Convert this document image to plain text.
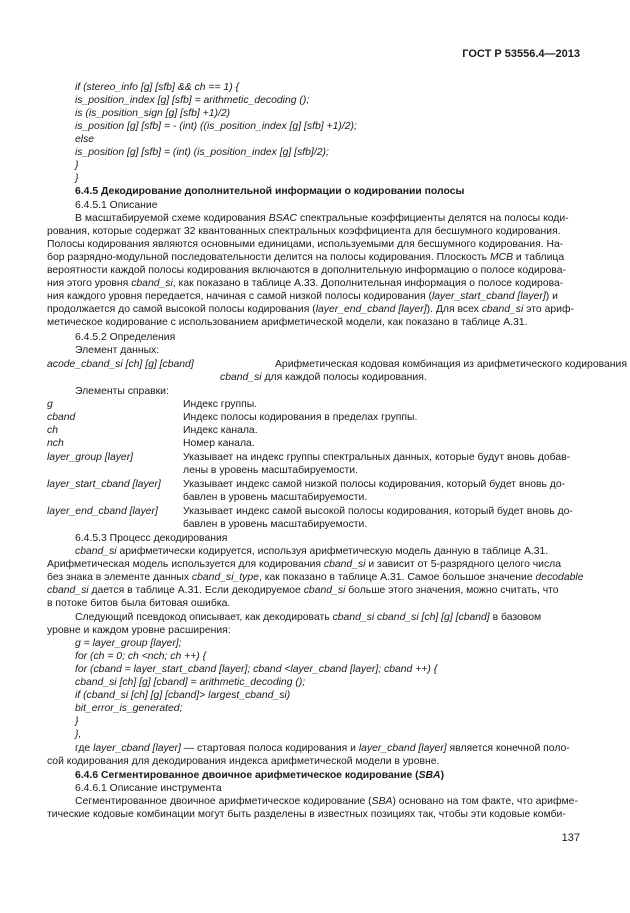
ГОСТ Р 53556.4—2013
if (stereo_info [g] [sfb] && ch == 1) {
is_position_index [g] [sfb] = arithmetic_decoding ();
is (is_position_sign [g] [sfb] +1)/2)
is_position [g] [sfb] = - (int) ((is_position_index [g] [sfb] +1)/2);
else
is_position [g] [sfb] = (int) (is_position_index [g] [sfb]/2);
}
}
6.4.5 Декодирование дополнительной информации о кодировании полосы
6.4.5.1 Описание
В масштабируемой схеме кодирования BSAC спектральные коэффициенты делятся на полосы коди-
рования, которые содержат 32 квантованных спектральных коэффициента для бесшумного кодирования.
Полосы кодирования являются основными единицами, используемыми для бесшумного кодирования. На-
бор разрядно-модульной последовательности делится на полосы кодирования. Плоскость MCB и таблица
вероятности каждой полосы кодирования включаются в дополнительную информацию о полосе кодирова-
ния этого уровня cband_si, как показано в таблице А.33. Дополнительная информация о полосе кодирова-
ния каждого уровня передается, начиная с самой низкой полосы кодирования (layer_start_cband [layer]) и
продолжается до самой высокой полосы кодирования (layer_end_cband [layer]). Для всех cband_si это ариф-
метическое кодирование с использованием арифметической модели, как показано в таблице А.31.
6.4.5.2 Определения
Элемент данных:
acode_cband_si [ch] [g] [cband]	Арифметическая кодовая комбинация из арифметического кодирования
cband_si для каждой полосы кодирования.
Элементы справки:
g	Индекс группы.
cband	Индекс полосы кодирования в пределах группы.
ch	Индекс канала.
nch	Номер канала.
layer_group [layer]	Указывает на индекс группы спектральных данных, которые будут вновь добав-
лены в уровень масштабируемости.
layer_start_cband [layer] Указывает индекс самой низкой полосы кодирования, который будет вновь до-
бавлен в уровень масштабируемости.
layer_end_cband [layer] Указывает индекс самой высокой полосы кодирования, который будет вновь до-
бавлен в уровень масштабируемости.
6.4.5.3 Процесс декодирования
cband_si арифметически кодируется, используя арифметическую модель данную в таблице А.31.
Арифметическая модель используется для кодирования cband_si и зависит от 5-разрядного целого числа
без знака в элементе данных cband_si_type, как показано в таблице А.31. Самое большое значение decodable
cband_si дается в таблице А.31. Если декодируемое cband_si больше этого значения, можно считать, что
в потоке битов была битовая ошибка.
Следующий псевдокод описывает, как декодировать cband_si cband_si [ch] [g] [cband] в базовом
уровне и каждом уровне расширения:
g = layer_group [layer];
for (ch = 0; ch <nch; ch ++) {
for (cband = layer_start_cband [layer]; cband <layer_cband [layer]; cband ++) {
cband_si [ch] [g] [cband] = arithmetic_decoding ();
if (cband_si [ch] [g] [cband]> largest_cband_si)
bit_error_is_generated;
}
},
где layer_cband [layer] — стартовая полоса кодирования и layer_cband [layer] является конечной поло-
сой кодирования для декодирования индекса арифметической модели в уровне.
6.4.6 Сегментированное двоичное арифметическое кодирование (SBA)
6.4.6.1 Описание инструмента
Сегментированное двоичное арифметическое кодирование (SBA) основано на том факте, что арифме-
тические кодовые комбинации могут быть разделены в известных позициях так, чтобы эти кодовые комби-
137
